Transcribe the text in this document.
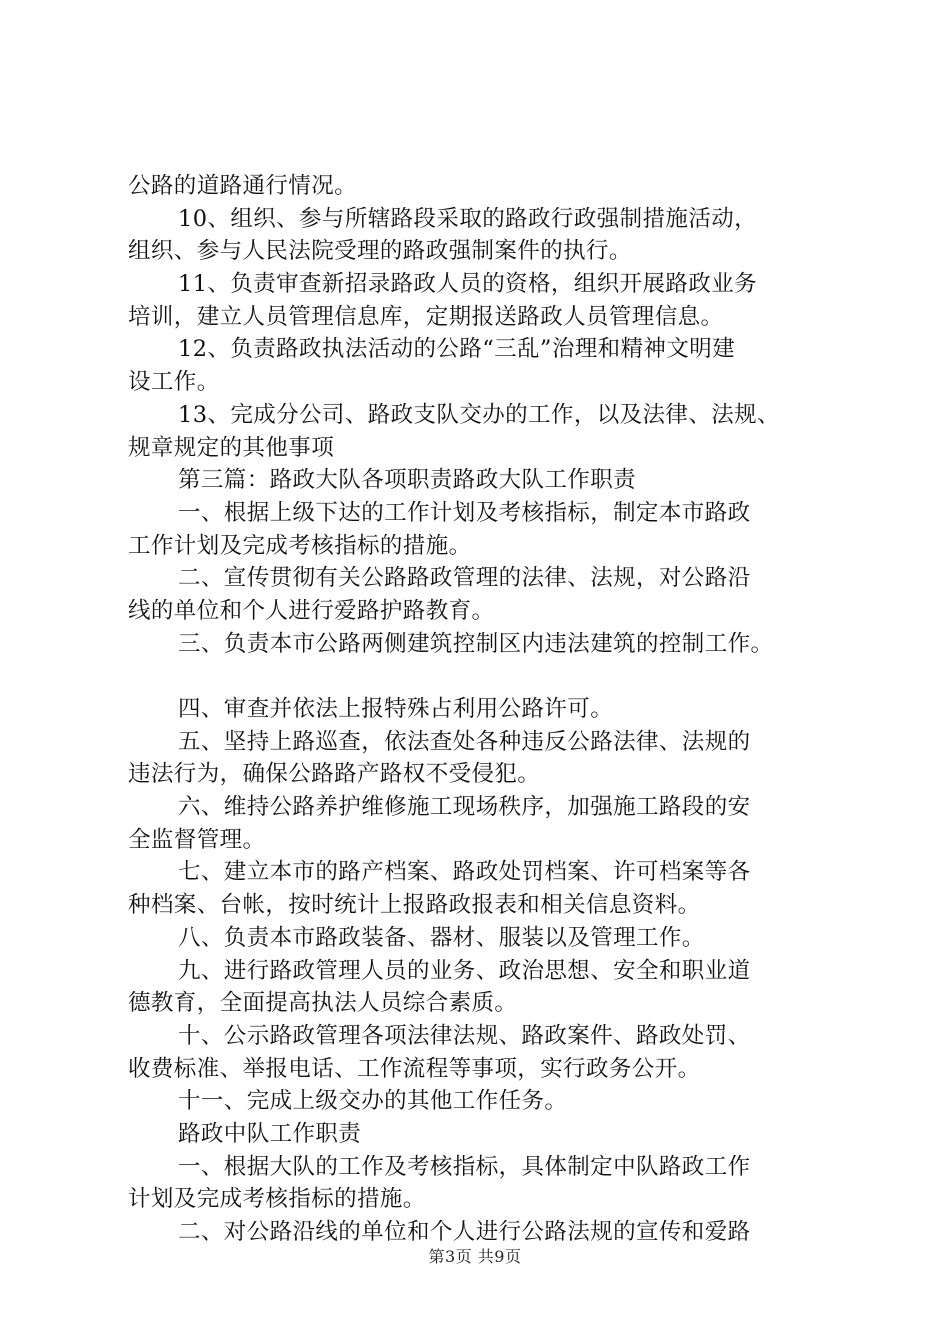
公路的道路通行情况。
10、组织、参与所辖路段采取的路政行政强制措施活动，
组织、参与人民法院受理的路政强制案件的执行。
11、负责审查新招录路政人员的资格，组织开展路政业务
培训，建立人员管理信息库，定期报送路政人员管理信息。
12、负责路政执法活动的公路“三乱”治理和精神文明建
设工作。
13、完成分公司、路政支队交办的工作，以及法律、法规、
规章规定的其他事项
第三篇：路政大队各项职责路政大队工作职责
一、根据上级下达的工作计划及考核指标，制定本市路政
工作计划及完成考核指标的措施。
二、宣传贯彻有关公路路政管理的法律、法规，对公路沿
线的单位和个人进行爱路护路教育。
三、负责本市公路两侧建筑控制区内违法建筑的控制工作。
四、审查并依法上报特殊占利用公路许可。
五、坚持上路巡查，依法查处各种违反公路法律、法规的
违法行为，确保公路路产路权不受侵犯。
六、维持公路养护维修施工现场秩序，加强施工路段的安
全监督管理。
七、建立本市的路产档案、路政处罚档案、许可档案等各
种档案、台帐，按时统计上报路政报表和相关信息资料。
八、负责本市路政装备、器材、服装以及管理工作。
九、进行路政管理人员的业务、政治思想、安全和职业道
德教育，全面提高执法人员综合素质。
十、公示路政管理各项法律法规、路政案件、路政处罚、
收费标准、举报电话、工作流程等事项，实行政务公开。
十一、完成上级交办的其他工作任务。
路政中队工作职责
一、根据大队的工作及考核指标，具体制定中队路政工作
计划及完成考核指标的措施。
二、对公路沿线的单位和个人进行公路法规的宣传和爱路
第3页 共9页
